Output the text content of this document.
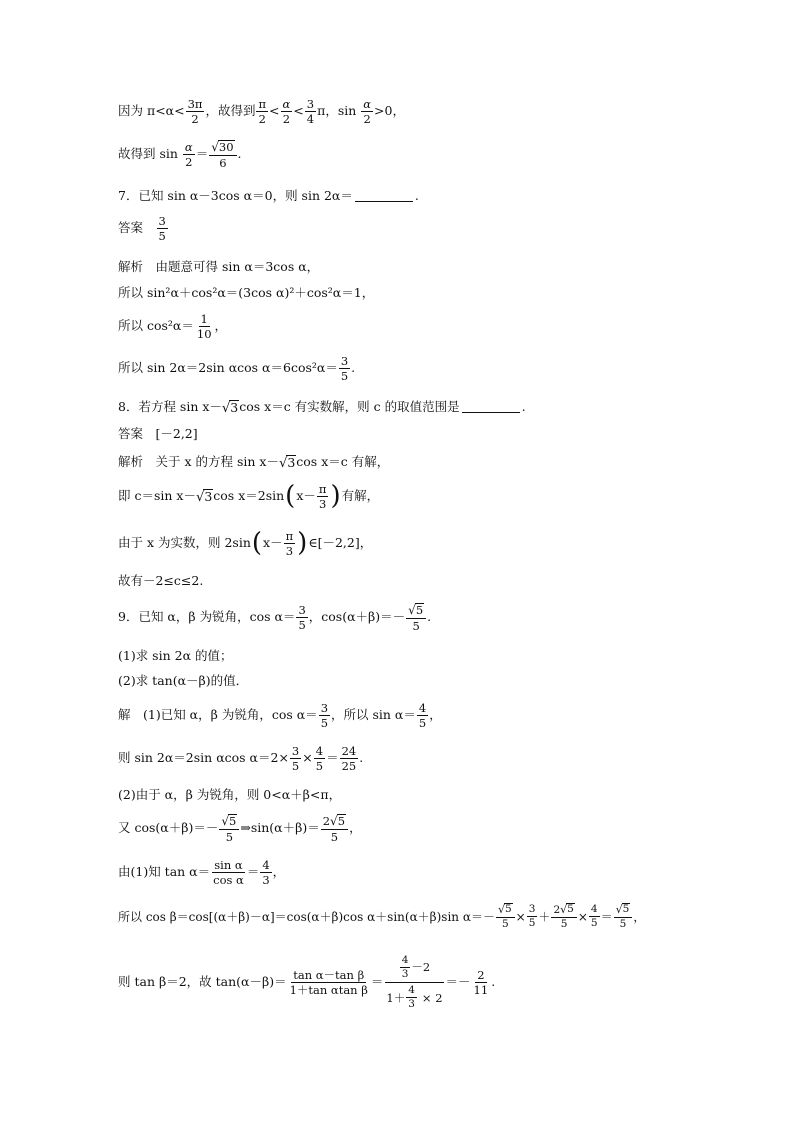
因为 $\pi<\alpha< \frac{3\pi}{2}$ ，故得到 $\frac{\pi}{2} < \frac{\alpha}{2} < \frac{3}{4}$ π，$\sin \frac{\alpha}{2} >0$，
故得到 $\sin \frac{\alpha}{2} = \frac{√ 30}{6}$ .
7．已知 sin α－3cos α＝0，则 sin 2α＝	.
答案　 $\frac{3}{5}$
解析　由题意可得 sin α＝3cos α，
所以 sin²α＋cos²α＝(3cos α)²＋cos²α＝1，
所以 $\cos^2\alpha= \frac{1}{10}$ ，
所以 sin 2α＝2sin αcos $\alpha=6\cos^2\alpha= \frac{3}{5}$ .
8．若方程 sin x－ √ 3 cos x＝c 有实数解，则 c 的取值范围是	.
答案　[－2,2]
解析　关于 x 的方程 sin x－ √ 3 cos x＝c 有解，
即 c＝sin x－ √ 3 cos x＝2sin ( $x- \frac{\pi}{3}$ ) 有解，
由于 x 为实数，则 2sin ( $x- \frac{\pi}{3}$ ) ∈[－2,2]，
故有－2≤c≤2.
9．已知 α，β 为锐角，$\cos \alpha= \frac{3}{5}$ ，$\cos(\alpha+\beta)=- \frac{√ 5}{5}$ .
(1)求 sin 2α 的值；
(2)求 tan(α－β)的值．
解　(1)已知 α，β 为锐角，$\cos \alpha= \frac{3}{5}$ ，所以 $\sin \alpha= \frac{4}{5}$ ，
则 sin 2α＝2sin αcos $\alpha=2\times \frac{3}{5} \times \frac{4}{5} = \frac{24}{25}$ .
(2)由于 α，β 为锐角，则 0<α＋β<π，
又 $\cos(\alpha+\beta)=- \frac{√ 5}{5}$ ⇒sin(α＋β)＝ $\frac{2 √ 5}{5}$ ，
由(1)知 $\tan \alpha= \frac{\text{sin α}}{\text{cos α}} = \frac{4}{3}$ ，
所以 cos β＝cos[(α＋β)－α]＝cos(α＋β)cos α＋sin(α＋β)sin $\alpha=- \frac{√ 5}{5} \times \frac{3}{5} + \frac{2 √ 5}{5} \times \frac{4}{5} = \frac{√ 5}{5}$ ，
则 tan β＝2，故 $\tan(\alpha-\beta)= \frac{\text{tan α－tan β}}{\text{1＋tan αtan β}} = \frac{\frac{4}{3} -2}{1+ \frac{4}{3} \times 2} =- \frac{2}{11}$ .
